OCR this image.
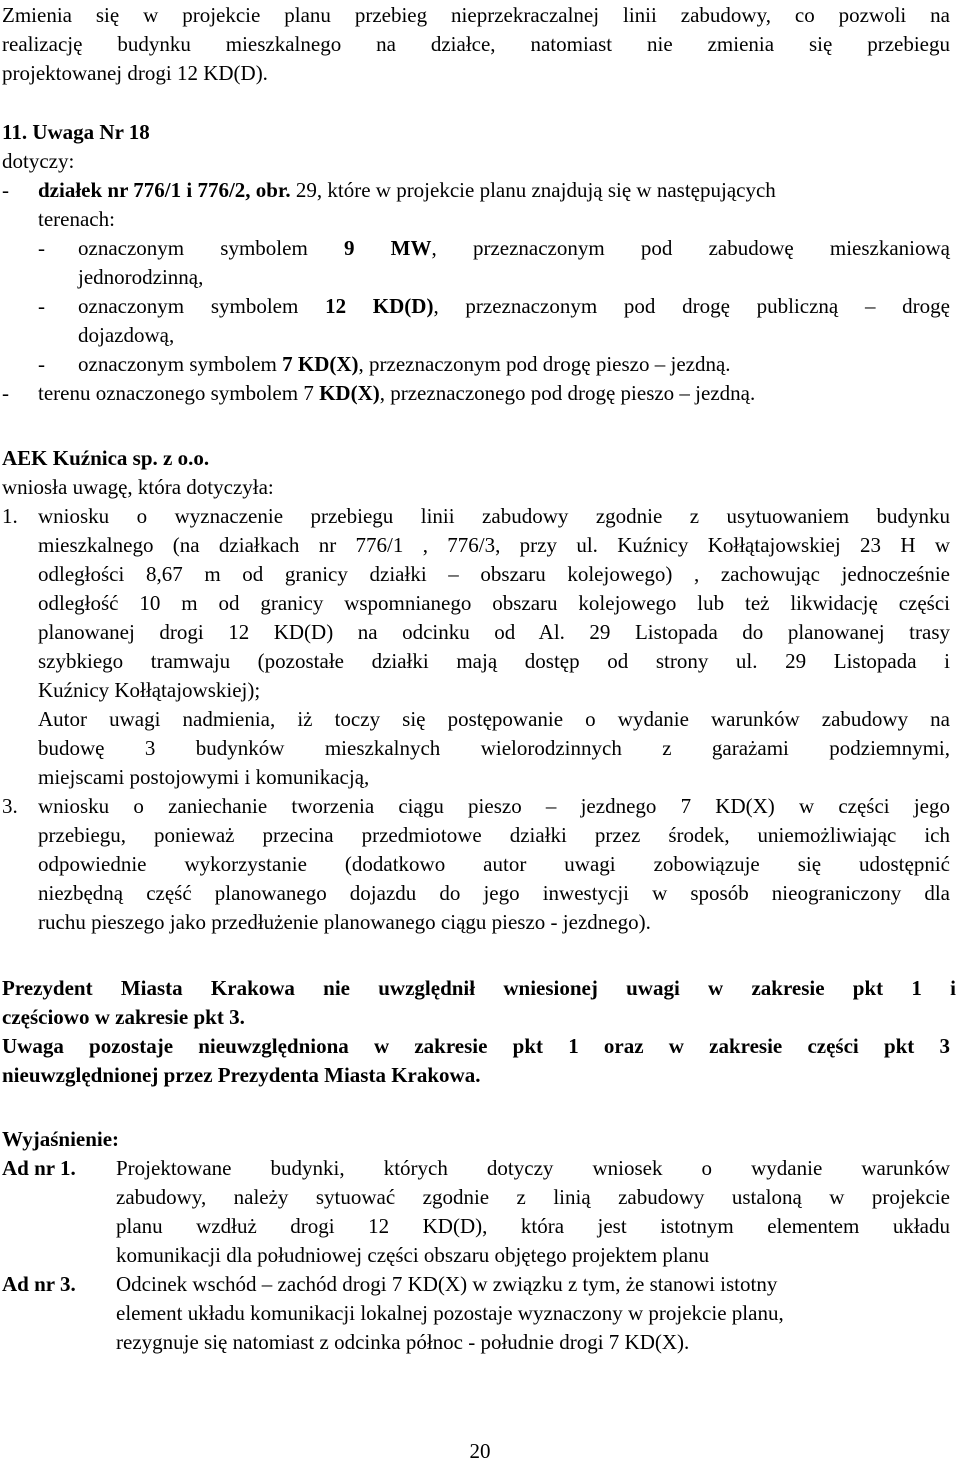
Zmienia się w projekcie planu przebieg nieprzekraczalnej linii zabudowy, co pozwoli na
realizację budynku mieszkalnego na działce, natomiast nie zmienia się przebiegu
projektowanej drogi 12 KD(D).
11. Uwaga Nr 18
dotyczy:
- działek nr 776/1 i 776/2, obr. 29, które w projekcie planu znajdują się w następujących
terenach:
- oznaczonym symbolem 9 MW, przeznaczonym pod zabudowę mieszkaniową
jednorodzinną,
- oznaczonym symbolem 12 KD(D), przeznaczonym pod drogę publiczną – drogę
dojazdową,
- oznaczonym symbolem 7 KD(X), przeznaczonym pod drogę pieszo – jezdną.
- terenu oznaczonego symbolem 7 KD(X), przeznaczonego pod drogę pieszo – jezdną.
AEK Kuźnica sp. z o.o.
wniosła uwagę, która dotyczyła:
1. wniosku o wyznaczenie przebiegu linii zabudowy zgodnie z usytuowaniem budynku
mieszkalnego (na działkach nr 776/1 , 776/3, przy ul. Kuźnicy Kołłątajowskiej 23 H w
odległości 8,67 m od granicy działki – obszaru kolejowego) , zachowując jednocześnie
odległość 10 m od granicy wspomnianego obszaru kolejowego lub też likwidację części
planowanej drogi 12 KD(D) na odcinku od Al. 29 Listopada do planowanej trasy
szybkiego tramwaju (pozostałe działki mają dostęp od strony ul. 29 Listopada i
Kuźnicy Kołłątajowskiej);
Autor uwagi nadmienia, iż toczy się postępowanie o wydanie warunków zabudowy na
budowę 3 budynków mieszkalnych wielorodzinnych z garażami podziemnymi,
miejscami postojowymi i komunikacją,
3. wniosku o zaniechanie tworzenia ciągu pieszo – jezdnego 7 KD(X) w części jego
przebiegu, ponieważ przecina przedmiotowe działki przez środek, uniemożliwiając ich
odpowiednie wykorzystanie (dodatkowo autor uwagi zobowiązuje się udostępnić
niezbędną część planowanego dojazdu do jego inwestycji w sposób nieograniczony dla
ruchu pieszego jako przedłużenie planowanego ciągu pieszo - jezdnego).
Prezydent Miasta Krakowa nie uwzględnił wniesionej uwagi w zakresie pkt 1 i
częściowo w zakresie pkt 3.
Uwaga pozostaje nieuwzględniona w zakresie pkt 1 oraz w zakresie części pkt 3
nieuwzględnionej przez Prezydenta Miasta Krakowa.
Wyjaśnienie:
Ad nr 1. Projektowane budynki, których dotyczy wniosek o wydanie warunków
zabudowy, należy sytuować zgodnie z linią zabudowy ustaloną w projekcie
planu wzdłuż drogi 12 KD(D), która jest istotnym elementem układu
komunikacji dla południowej części obszaru objętego projektem planu
Ad nr 3. Odcinek wschód – zachód drogi 7 KD(X) w związku z tym, że stanowi istotny
element układu komunikacji lokalnej pozostaje wyznaczony w projekcie planu,
rezygnuje się natomiast z odcinka północ - południe drogi 7 KD(X).
20
